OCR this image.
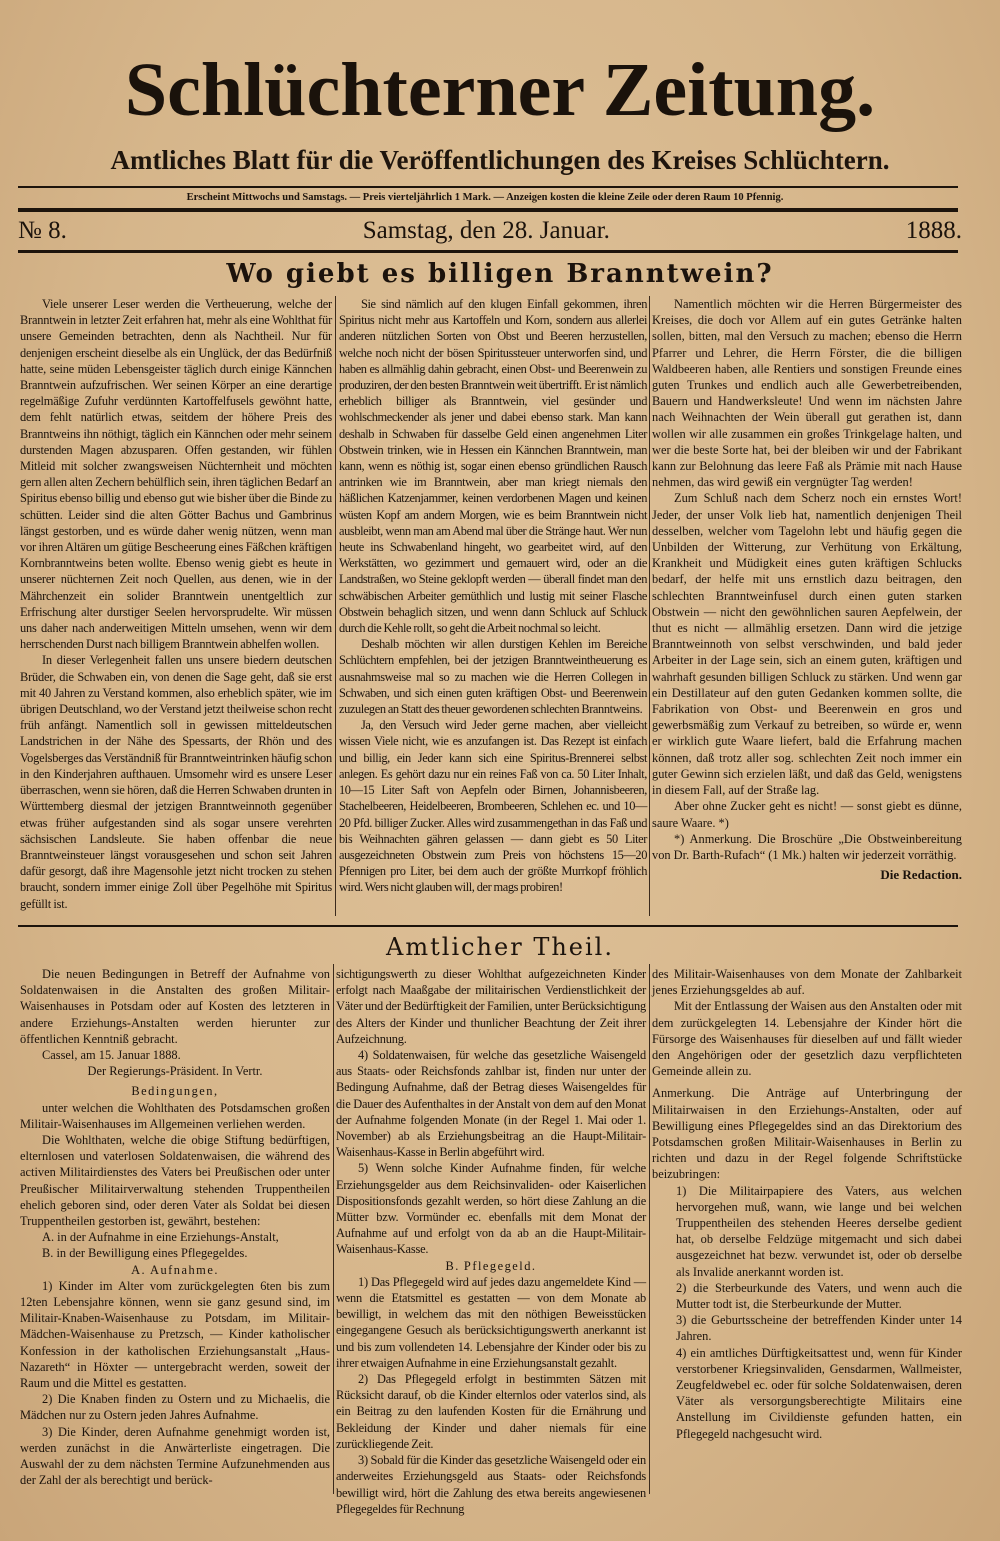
Schlüchterner Zeitung.
Amtliches Blatt für die Veröffentlichungen des Kreises Schlüchtern.
Erscheint Mittwochs und Samstags. — Preis vierteljährlich 1 Mark. — Anzeigen kosten die kleine Zeile oder deren Raum 10 Pfennig.
№ 8.	Samstag, den 28. Januar.	1888.
Wo giebt es billigen Branntwein?

Viele unserer Leser werden die Vertheuerung, welche der Branntwein in letzter Zeit erfahren hat, mehr als eine Wohlthat für unsere Gemeinden betrachten, denn als Nachtheil. Nur für denjenigen erscheint dieselbe als ein Unglück, der das Bedürfniß hatte, seine müden Lebensgeister täglich durch einige Kännchen Branntwein aufzufrischen. Wer seinen Körper an eine derartige regelmäßige Zufuhr verdünnten Kartoffelfusels gewöhnt hatte, dem fehlt natürlich etwas, seitdem der höhere Preis des Branntweins ihn nöthigt, täglich ein Kännchen oder mehr seinem durstenden Magen abzusparen. Offen gestanden, wir fühlen Mitleid mit solcher zwangsweisen Nüchternheit und möchten gern allen alten Zechern behülflich sein, ihren täglichen Bedarf an Spiritus ebenso billig und ebenso gut wie bisher über die Binde zu schütten. Leider sind die alten Götter Bachus und Gambrinus längst gestorben, und es würde daher wenig nützen, wenn man vor ihren Altären um gütige Bescheerung eines Fäßchen kräftigen Kornbranntweins beten wollte. Ebenso wenig giebt es heute in unserer nüchternen Zeit noch Quellen, aus denen, wie in der Mährchenzeit ein solider Branntwein unentgeltlich zur Erfrischung alter durstiger Seelen hervorsprudelte. Wir müssen uns daher nach anderweitigen Mitteln umsehen, wenn wir dem herrschenden Durst nach billigem Branntwein abhelfen wollen.

In dieser Verlegenheit fallen uns unsere biedern deutschen Brüder, die Schwaben ein, von denen die Sage geht, daß sie erst mit 40 Jahren zu Verstand kommen, also erheblich später, wie im übrigen Deutschland, wo der Verstand jetzt theilweise schon recht früh anfängt. Namentlich soll in gewissen mitteldeutschen Landstrichen in der Nähe des Spessarts, der Rhön und des Vogelsberges das Verständniß für Branntweintrinken häufig schon in den Kinderjahren aufthauen. Umsomehr wird es unsere Leser überraschen, wenn sie hören, daß die Herren Schwaben drunten in Württemberg diesmal der jetzigen Branntweinnoth gegenüber etwas früher aufgestanden sind als sogar unsere verehrten sächsischen Landsleute. Sie haben offenbar die neue Branntweinsteuer längst vorausgesehen und schon seit Jahren dafür gesorgt, daß ihre Magensohle jetzt nicht trocken zu stehen braucht, sondern immer einige Zoll über Pegelhöhe mit Spiritus gefüllt ist.

Sie sind nämlich auf den klugen Einfall gekommen, ihren Spiritus nicht mehr aus Kartoffeln und Korn, sondern aus allerlei anderen nützlichen Sorten von Obst und Beeren herzustellen, welche noch nicht der bösen Spiritussteuer unterworfen sind, und haben es allmählig dahin gebracht, einen Obst- und Beerenwein zu produziren, der den besten Branntwein weit übertrifft. Er ist nämlich erheblich billiger als Branntwein, viel gesünder und wohlschmeckender als jener und dabei ebenso stark. Man kann deshalb in Schwaben für dasselbe Geld einen angenehmen Liter Obstwein trinken, wie in Hessen ein Kännchen Branntwein, man kann, wenn es nöthig ist, sogar einen ebenso gründlichen Rausch antrinken wie im Branntwein, aber man kriegt niemals den häßlichen Katzenjammer, keinen verdorbenen Magen und keinen wüsten Kopf am andern Morgen, wie es beim Branntwein nicht ausbleibt, wenn man am Abend mal über die Stränge haut. Wer nun heute ins Schwabenland hingeht, wo gearbeitet wird, auf den Werkstätten, wo gezimmert und gemauert wird, oder an die Landstraßen, wo Steine geklopft werden — überall findet man den schwäbischen Arbeiter gemüthlich und lustig mit seiner Flasche Obstwein behaglich sitzen, und wenn dann Schluck auf Schluck durch die Kehle rollt, so geht die Arbeit nochmal so leicht.

Deshalb möchten wir allen durstigen Kehlen im Bereiche Schlüchtern empfehlen, bei der jetzigen Branntweintheuerung es ausnahmsweise mal so zu machen wie die Herren Collegen in Schwaben, und sich einen guten kräftigen Obst- und Beerenwein zuzulegen an Statt des theuer gewordenen schlechten Branntweins.

Ja, den Versuch wird Jeder gerne machen, aber vielleicht wissen Viele nicht, wie es anzufangen ist. Das Rezept ist einfach und billig, ein Jeder kann sich eine Spiritus-Brennerei selbst anlegen. Es gehört dazu nur ein reines Faß von ca. 50 Liter Inhalt, 10—15 Liter Saft von Aepfeln oder Birnen, Johannisbeeren, Stachelbeeren, Heidelbeeren, Brombeeren, Schlehen ec. und 10—20 Pfd. billiger Zucker. Alles wird zusammengethan in das Faß und bis Weihnachten gähren gelassen — dann giebt es 50 Liter ausgezeichneten Obstwein zum Preis von höchstens 15—20 Pfennigen pro Liter, bei dem auch der größte Murrkopf fröhlich wird. Wers nicht glauben will, der mags probiren!

Namentlich möchten wir die Herren Bürgermeister des Kreises, die doch vor Allem auf ein gutes Getränke halten sollen, bitten, mal den Versuch zu machen; ebenso die Herrn Pfarrer und Lehrer, die Herrn Förster, die die billigen Waldbeeren haben, alle Rentiers und sonstigen Freunde eines guten Trunkes und endlich auch alle Gewerbetreibenden, Bauern und Handwerksleute! Und wenn im nächsten Jahre nach Weihnachten der Wein überall gut gerathen ist, dann wollen wir alle zusammen ein großes Trinkgelage halten, und wer die beste Sorte hat, bei der bleiben wir und der Fabrikant kann zur Belohnung das leere Faß als Prämie mit nach Hause nehmen, das wird gewiß ein vergnügter Tag werden!

Zum Schluß nach dem Scherz noch ein ernstes Wort! Jeder, der unser Volk lieb hat, namentlich denjenigen Theil desselben, welcher vom Tagelohn lebt und häufig gegen die Unbilden der Witterung, zur Verhütung von Erkältung, Krankheit und Müdigkeit eines guten kräftigen Schlucks bedarf, der helfe mit uns ernstlich dazu beitragen, den schlechten Branntweinfusel durch einen guten starken Obstwein — nicht den gewöhnlichen sauren Aepfelwein, der thut es nicht — allmählig ersetzen. Dann wird die jetzige Branntweinnoth von selbst verschwinden, und bald jeder Arbeiter in der Lage sein, sich an einem guten, kräftigen und wahrhaft gesunden billigen Schluck zu stärken. Und wenn gar ein Destillateur auf den guten Gedanken kommen sollte, die Fabrikation von Obst- und Beerenwein en gros und gewerbsmäßig zum Verkauf zu betreiben, so würde er, wenn er wirklich gute Waare liefert, bald die Erfahrung machen können, daß trotz aller sog. schlechten Zeit noch immer ein guter Gewinn sich erzielen läßt, und daß das Geld, wenigstens in diesem Fall, auf der Straße lag.

Aber ohne Zucker geht es nicht! — sonst giebt es dünne, saure Waare. *)

*) Anmerkung. Die Broschüre „Die Obstweinbereitung von Dr. Barth-Rufach“ (1 Mk.) halten wir jederzeit vorräthig.

Die Redaction.
Amtlicher Theil.

Die neuen Bedingungen in Betreff der Aufnahme von Soldatenwaisen in die Anstalten des großen Militair-Waisenhauses in Potsdam oder auf Kosten des letzteren in andere Erziehungs-Anstalten werden hierunter zur öffentlichen Kenntniß gebracht.

Cassel, am 15. Januar 1888.

Der Regierungs-Präsident. In Vertr.

Bedingungen,

unter welchen die Wohlthaten des Potsdamschen großen Militair-Waisenhauses im Allgemeinen verliehen werden.

Die Wohlthaten, welche die obige Stiftung bedürftigen, elternlosen und vaterlosen Soldatenwaisen, die während des activen Militairdienstes des Vaters bei Preußischen oder unter Preußischer Militairverwaltung stehenden Truppentheilen ehelich geboren sind, oder deren Vater als Soldat bei diesen Truppentheilen gestorben ist, gewährt, bestehen:

A. in der Aufnahme in eine Erziehungs-Anstalt,

B. in der Bewilligung eines Pflegegeldes.

A. Aufnahme.

1) Kinder im Alter vom zurückgelegten 6ten bis zum 12ten Lebensjahre können, wenn sie ganz gesund sind, im Militair-Knaben-Waisenhause zu Potsdam, im Militair-Mädchen-Waisenhause zu Pretzsch, — Kinder katholischer Konfession in der katholischen Erziehungsanstalt „Haus-Nazareth“ in Höxter — untergebracht werden, soweit der Raum und die Mittel es gestatten.

2) Die Knaben finden zu Ostern und zu Michaelis, die Mädchen nur zu Ostern jeden Jahres Aufnahme.

3) Die Kinder, deren Aufnahme genehmigt worden ist, werden zunächst in die Anwärterliste eingetragen. Die Auswahl der zu dem nächsten Termine Aufzunehmenden aus der Zahl der als berechtigt und berück-

sichtigungswerth zu dieser Wohlthat aufgezeichneten Kinder erfolgt nach Maaßgabe der militairischen Verdienstlichkeit der Väter und der Bedürftigkeit der Familien, unter Berücksichtigung des Alters der Kinder und thunlicher Beachtung der Zeit ihrer Aufzeichnung.

4) Soldatenwaisen, für welche das gesetzliche Waisengeld aus Staats- oder Reichsfonds zahlbar ist, finden nur unter der Bedingung Aufnahme, daß der Betrag dieses Waisengeldes für die Dauer des Aufenthaltes in der Anstalt von dem auf den Monat der Aufnahme folgenden Monate (in der Regel 1. Mai oder 1. November) ab als Erziehungsbeitrag an die Haupt-Militair-Waisenhaus-Kasse in Berlin abgeführt wird.

5) Wenn solche Kinder Aufnahme finden, für welche Erziehungsgelder aus dem Reichsinvaliden- oder Kaiserlichen Dispositionsfonds gezahlt werden, so hört diese Zahlung an die Mütter bzw. Vormünder ec. ebenfalls mit dem Monat der Aufnahme auf und erfolgt von da ab an die Haupt-Militair-Waisenhaus-Kasse.

B. Pflegegeld.

1) Das Pflegegeld wird auf jedes dazu angemeldete Kind — wenn die Etatsmittel es gestatten — von dem Monate ab bewilligt, in welchem das mit den nöthigen Beweisstücken eingegangene Gesuch als berücksichtigungswerth anerkannt ist und bis zum vollendeten 14. Lebensjahre der Kinder oder bis zu ihrer etwaigen Aufnahme in eine Erziehungsanstalt gezahlt.

2) Das Pflegegeld erfolgt in bestimmten Sätzen mit Rücksicht darauf, ob die Kinder elternlos oder vaterlos sind, als ein Beitrag zu den laufenden Kosten für die Ernährung und Bekleidung der Kinder und daher niemals für eine zurückliegende Zeit.

3) Sobald für die Kinder das gesetzliche Waisengeld oder ein anderweites Erziehungsgeld aus Staats- oder Reichsfonds bewilligt wird, hört die Zahlung des etwa bereits angewiesenen Pflegegeldes für Rechnung

des Militair-Waisenhauses von dem Monate der Zahlbarkeit jenes Erziehungsgeldes ab auf.

Mit der Entlassung der Waisen aus den Anstalten oder mit dem zurückgelegten 14. Lebensjahre der Kinder hört die Fürsorge des Waisenhauses für dieselben auf und fällt wieder den Angehörigen oder der gesetzlich dazu verpflichteten Gemeinde allein zu.

Anmerkung. Die Anträge auf Unterbringung der Militairwaisen in den Erziehungs-Anstalten, oder auf Bewilligung eines Pflegegeldes sind an das Direktorium des Potsdamschen großen Militair-Waisenhauses in Berlin zu richten und dazu in der Regel folgende Schriftstücke beizubringen:

1) Die Militairpapiere des Vaters, aus welchen hervorgehen muß, wann, wie lange und bei welchen Truppentheilen des stehenden Heeres derselbe gedient hat, ob derselbe Feldzüge mitgemacht und sich dabei ausgezeichnet hat bezw. verwundet ist, oder ob derselbe als Invalide anerkannt worden ist.

2) die Sterbeurkunde des Vaters, und wenn auch die Mutter todt ist, die Sterbeurkunde der Mutter.

3) die Geburtsscheine der betreffenden Kinder unter 14 Jahren.

4) ein amtliches Dürftigkeitsattest und, wenn für Kinder verstorbener Kriegsinvaliden, Gensdarmen, Wallmeister, Zeugfeldwebel ec. oder für solche Soldatenwaisen, deren Väter als versorgungsberechtigte Militairs eine Anstellung im Civildienste gefunden hatten, ein Pflegegeld nachgesucht wird.
